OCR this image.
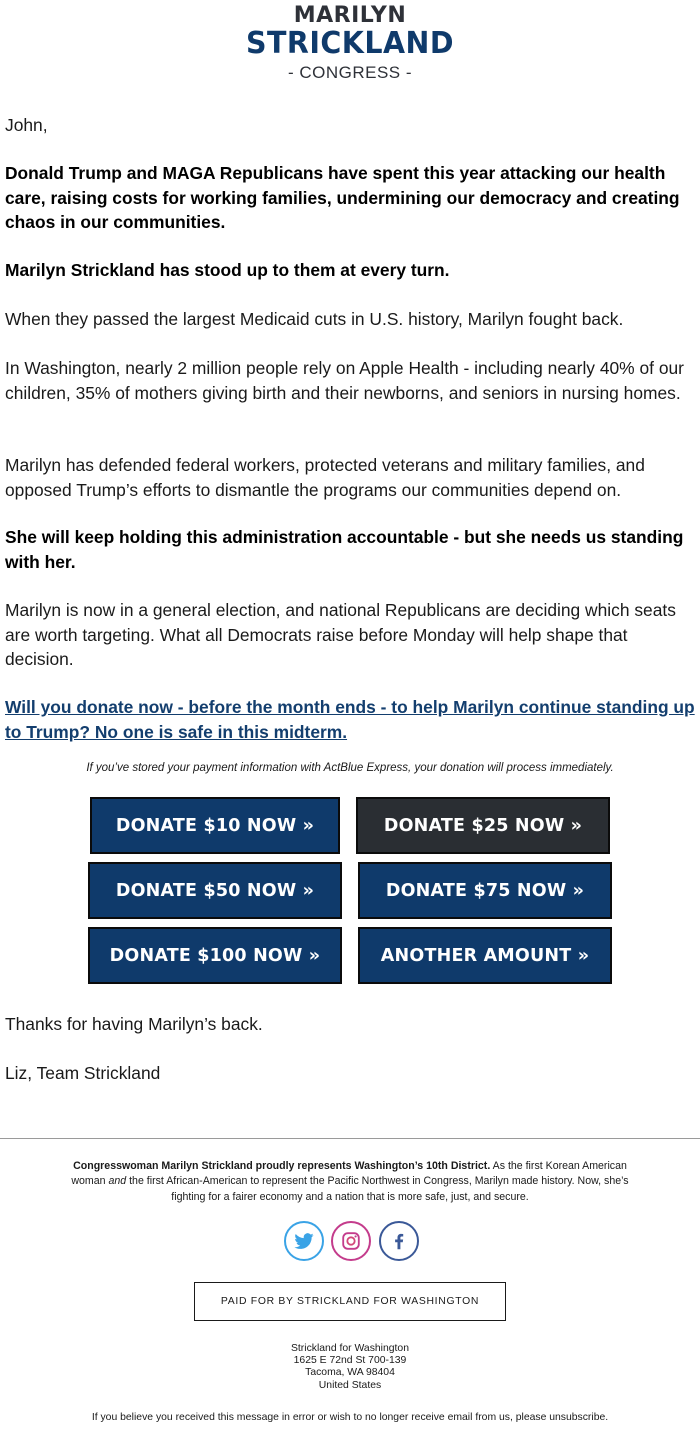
MARILYN
STRICKLAND
- CONGRESS -

John,

Donald Trump and MAGA Republicans have spent this year attacking our health care, raising costs for working families, undermining our democracy and creating chaos in our communities.

Marilyn Strickland has stood up to them at every turn.

When they passed the largest Medicaid cuts in U.S. history, Marilyn fought back.

In Washington, nearly 2 million people rely on Apple Health - including nearly 40% of our children, 35% of mothers giving birth and their newborns, and seniors in nursing homes.

Marilyn has defended federal workers, protected veterans and military families, and opposed Trump’s efforts to dismantle the programs our communities depend on.

She will keep holding this administration accountable - but she needs us standing with her.

Marilyn is now in a general election, and national Republicans are deciding which seats are worth targeting. What all Democrats raise before Monday will help shape that decision.

Will you donate now - before the month ends - to help Marilyn continue standing up to Trump? No one is safe in this midterm.

If you’ve stored your payment information with ActBlue Express, your donation will process immediately.
DONATE $10 NOW »	DONATE $25 NOW »
DONATE $50 NOW »	DONATE $75 NOW »
DONATE $100 NOW »	ANOTHER AMOUNT »

Thanks for having Marilyn’s back.

Liz, Team Strickland

Congresswoman Marilyn Strickland proudly represents Washington’s 10th District. As the first Korean American woman and the first African-American to represent the Pacific Northwest in Congress, Marilyn made history. Now, she’s fighting for a fairer economy and a nation that is more safe, just, and secure.
PAID FOR BY STRICKLAND FOR WASHINGTON
Strickland for Washington
1625 E 72nd St 700-139
Tacoma, WA 98404
United States
If you believe you received this message in error or wish to no longer receive email from us, please unsubscribe.
